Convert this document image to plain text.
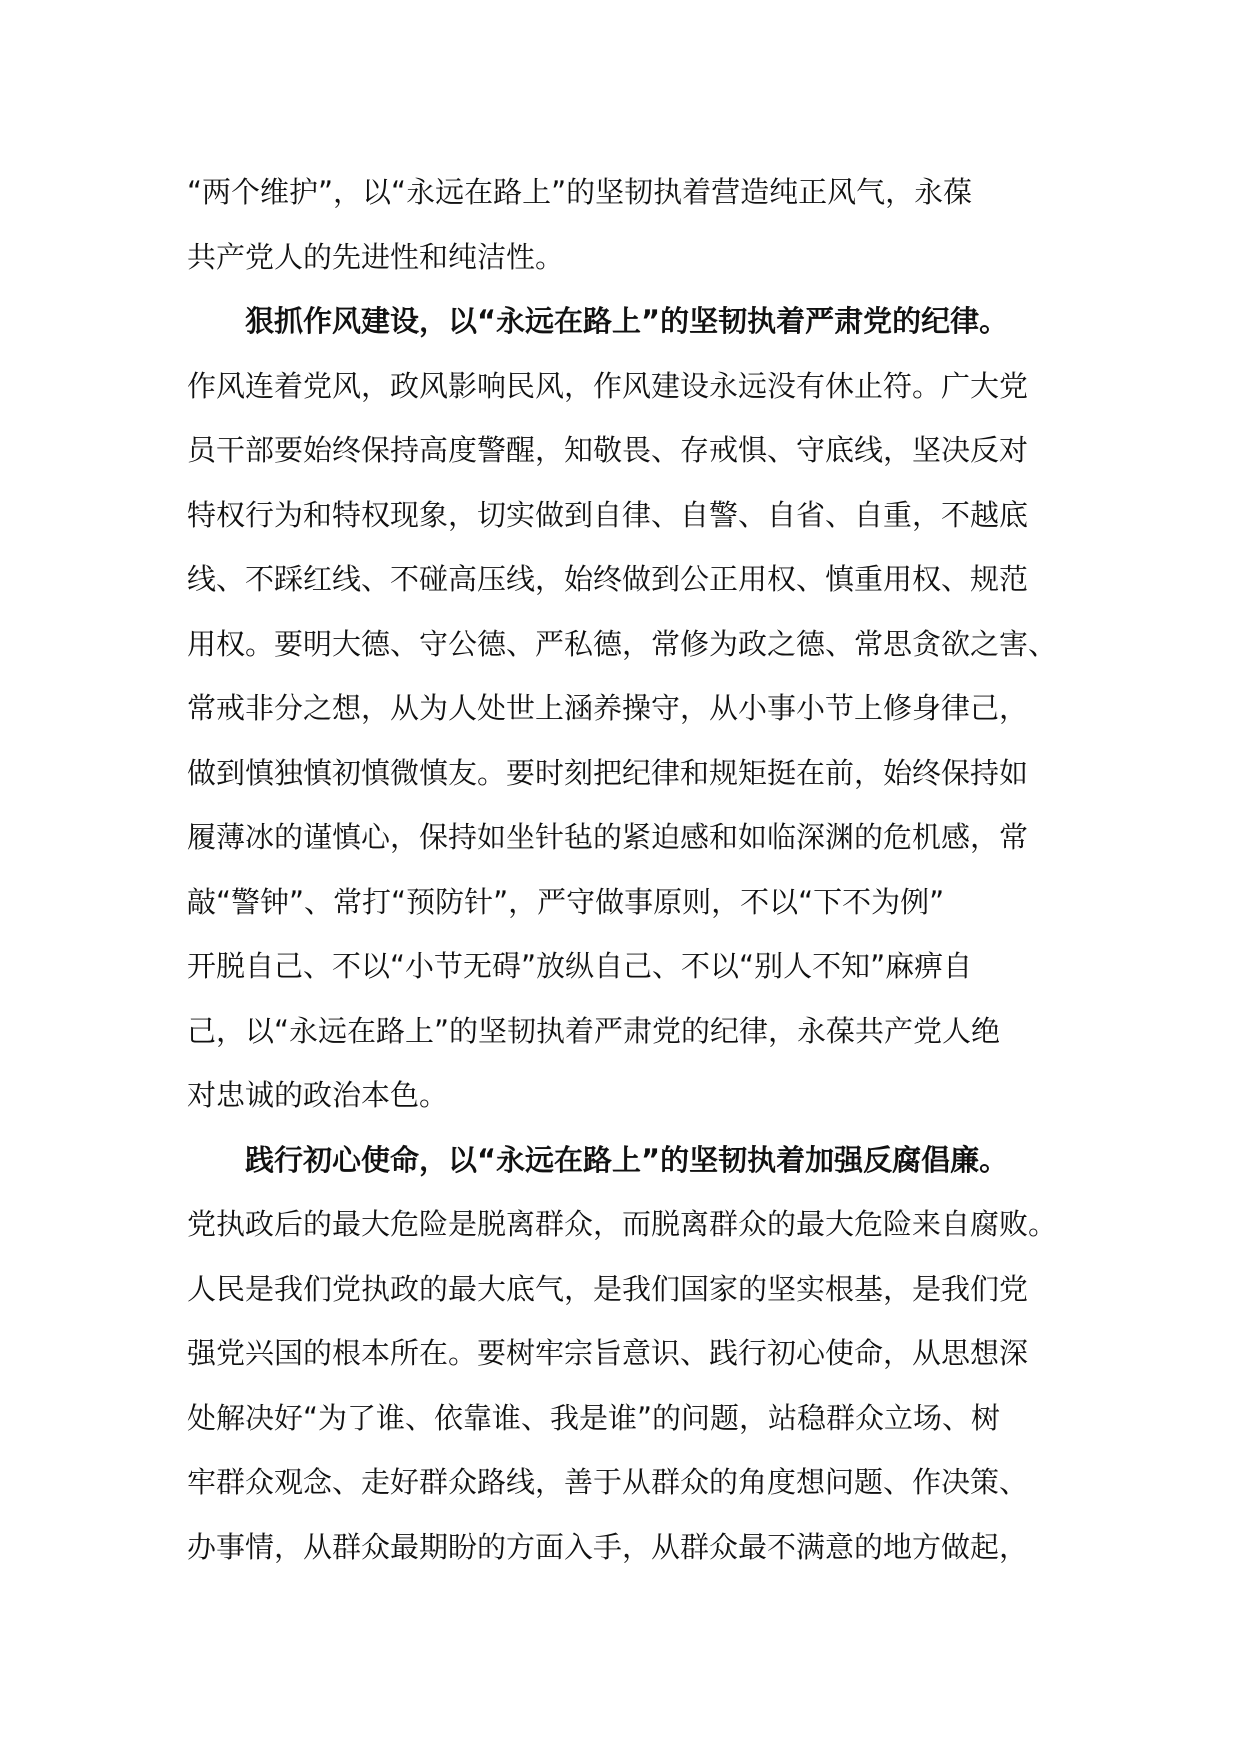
“两个维护”，以“永远在路上”的坚韧执着营造纯正风气，永葆
共产党人的先进性和纯洁性。
狠抓作风建设，以“永远在路上”的坚韧执着严肃党的纪律。
作风连着党风，政风影响民风，作风建设永远没有休止符。广大党
员干部要始终保持高度警醒，知敬畏、存戒惧、守底线，坚决反对
特权行为和特权现象，切实做到自律、自警、自省、自重，不越底
线、不踩红线、不碰高压线，始终做到公正用权、慎重用权、规范
用权。要明大德、守公德、严私德，常修为政之德、常思贪欲之害、
常戒非分之想，从为人处世上涵养操守，从小事小节上修身律己，
做到慎独慎初慎微慎友。要时刻把纪律和规矩挺在前，始终保持如
履薄冰的谨慎心，保持如坐针毡的紧迫感和如临深渊的危机感，常
敲“警钟”、常打“预防针”，严守做事原则，不以“下不为例”
开脱自己、不以“小节无碍”放纵自己、不以“别人不知”麻痹自
己，以“永远在路上”的坚韧执着严肃党的纪律，永葆共产党人绝
对忠诚的政治本色。
践行初心使命，以“永远在路上”的坚韧执着加强反腐倡廉。
党执政后的最大危险是脱离群众，而脱离群众的最大危险来自腐败。
人民是我们党执政的最大底气，是我们国家的坚实根基，是我们党
强党兴国的根本所在。要树牢宗旨意识、践行初心使命，从思想深
处解决好“为了谁、依靠谁、我是谁”的问题，站稳群众立场、树
牢群众观念、走好群众路线，善于从群众的角度想问题、作决策、
办事情，从群众最期盼的方面入手，从群众最不满意的地方做起，
